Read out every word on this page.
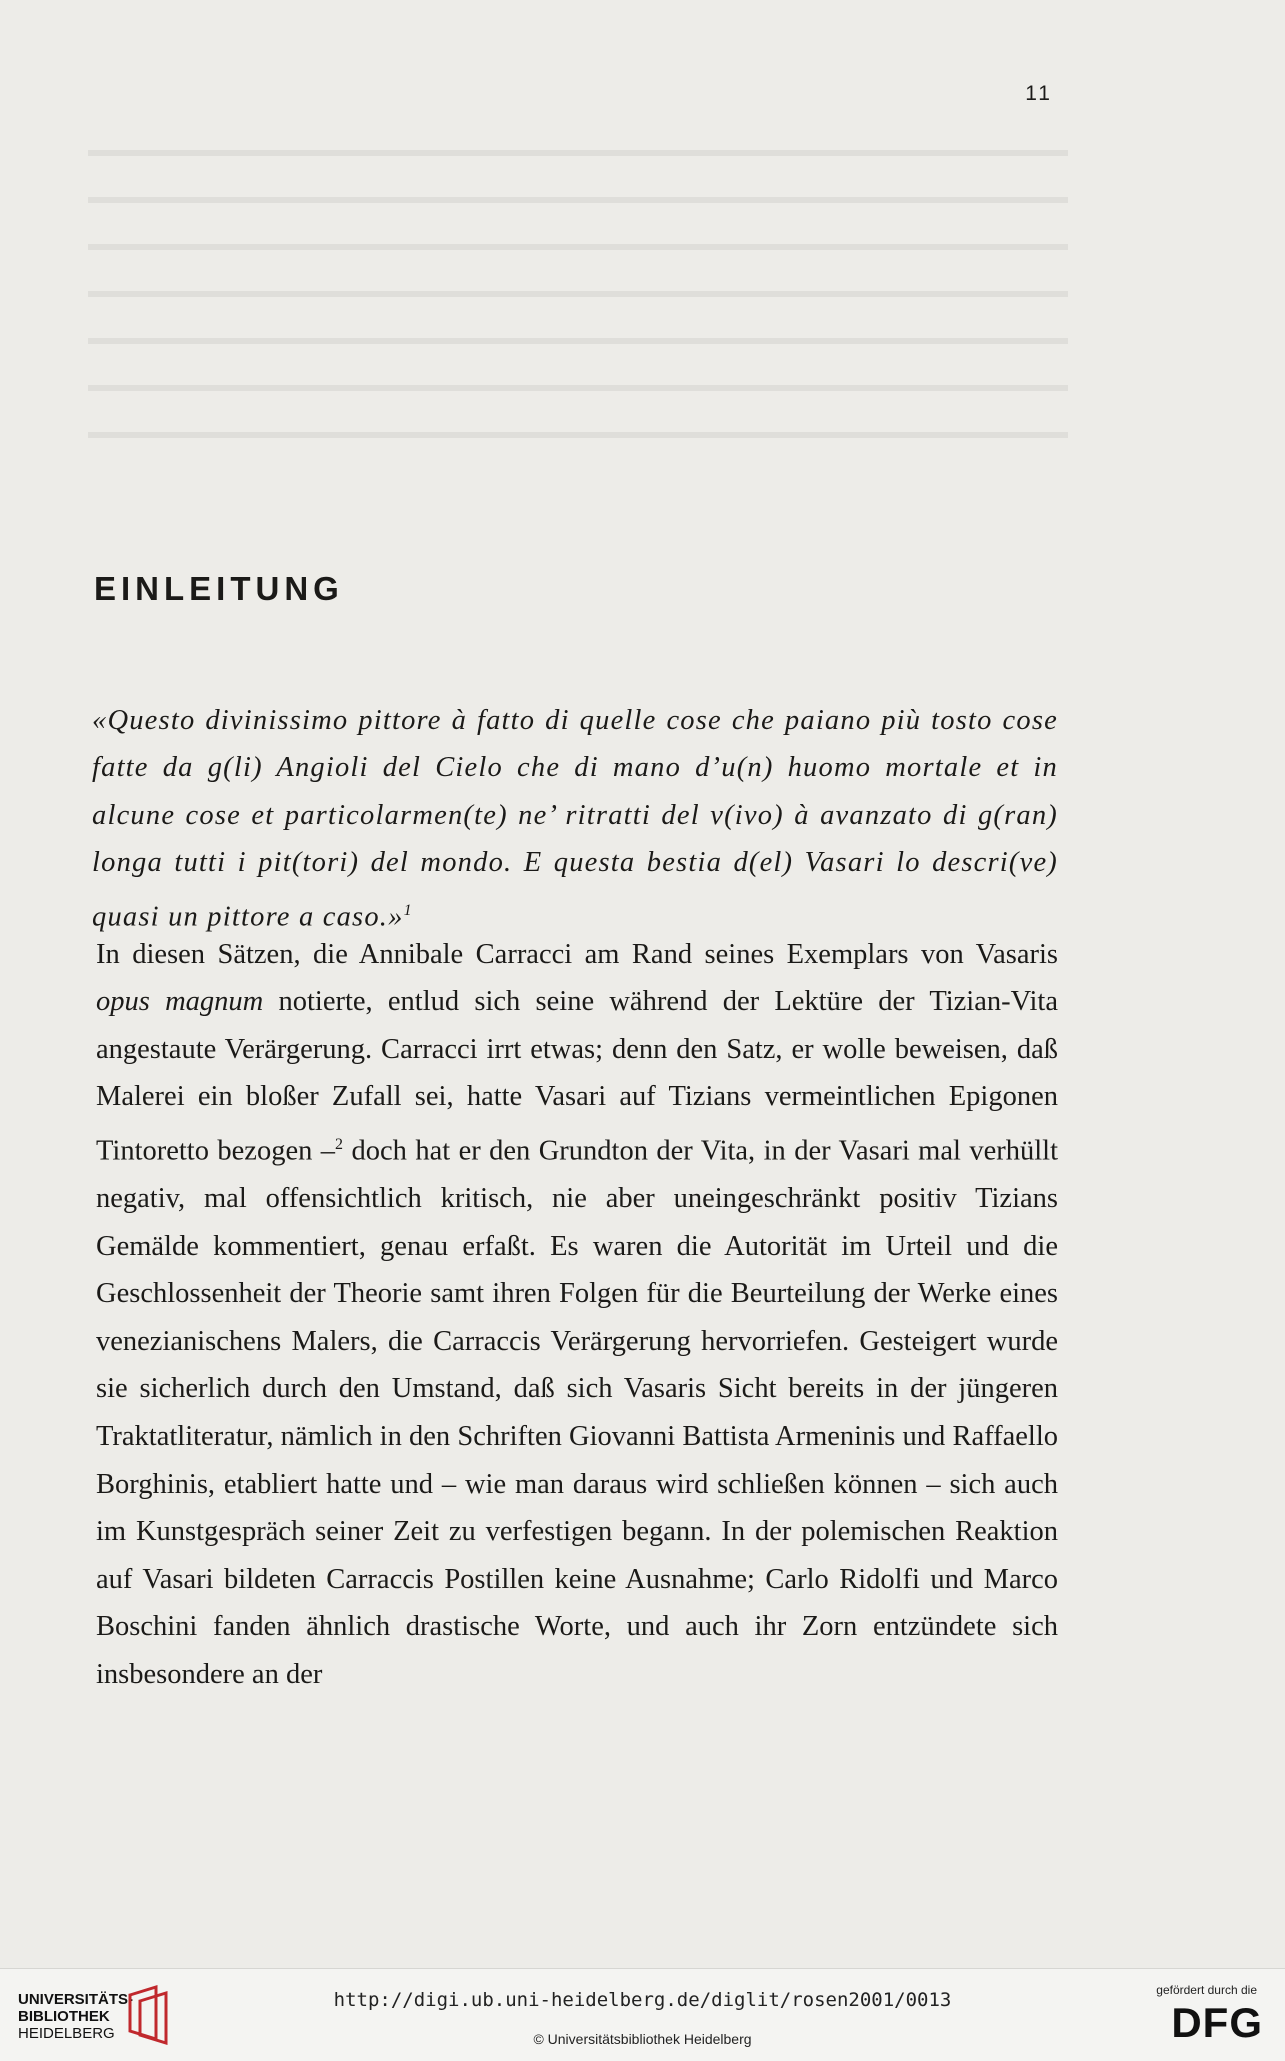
11
EINLEITUNG

«Questo divinissimo pittore à fatto di quelle cose che paiano più tosto cose fatte da g(li) Angioli del Cielo che di mano d’u(n) huomo mortale et in alcune cose et particolarmen(te) ne’ ritratti del v(ivo) à avanzato di g(ran) longa tutti i pit(tori) del mondo. E questa bestia d(el) Vasari lo descri(ve) quasi un pittore a caso.»$^1$

In diesen Sätzen, die Annibale Carracci am Rand seines Exemplars von Vasaris opus magnum notierte, entlud sich seine während der Lektüre der Tizian-Vita angestaute Verärgerung. Carracci irrt etwas; denn den Satz, er wolle beweisen, daß Malerei ein bloßer Zufall sei, hatte Vasari auf Tizians vermeintlichen Epigonen Tintoretto bezogen –$^2$ doch hat er den Grundton der Vita, in der Vasari mal verhüllt negativ, mal offensichtlich kritisch, nie aber uneingeschränkt positiv Tizians Gemälde kommentiert, genau erfaßt. Es waren die Autorität im Urteil und die Geschlossenheit der Theorie samt ihren Folgen für die Beurteilung der Werke eines venezianischens Malers, die Carraccis Verärgerung hervorriefen. Gesteigert wurde sie sicherlich durch den Umstand, daß sich Vasaris Sicht bereits in der jüngeren Traktatliteratur, nämlich in den Schriften Giovanni Battista Armeninis und Raffaello Borghinis, etabliert hatte und – wie man daraus wird schließen können – sich auch im Kunstgespräch seiner Zeit zu verfestigen begann. In der polemischen Reaktion auf Vasari bildeten Carraccis Postillen keine Ausnahme; Carlo Ridolfi und Marco Boschini fanden ähnlich drastische Worte, und auch ihr Zorn entzündete sich insbesondere an der

UNIVERSITÄTS-
BIBLIOTHEK
HEIDELBERG
http://digi.ub.uni-heidelberg.de/diglit/rosen2001/0013
© Universitätsbibliothek Heidelberg
gefördert durch die
DFG
